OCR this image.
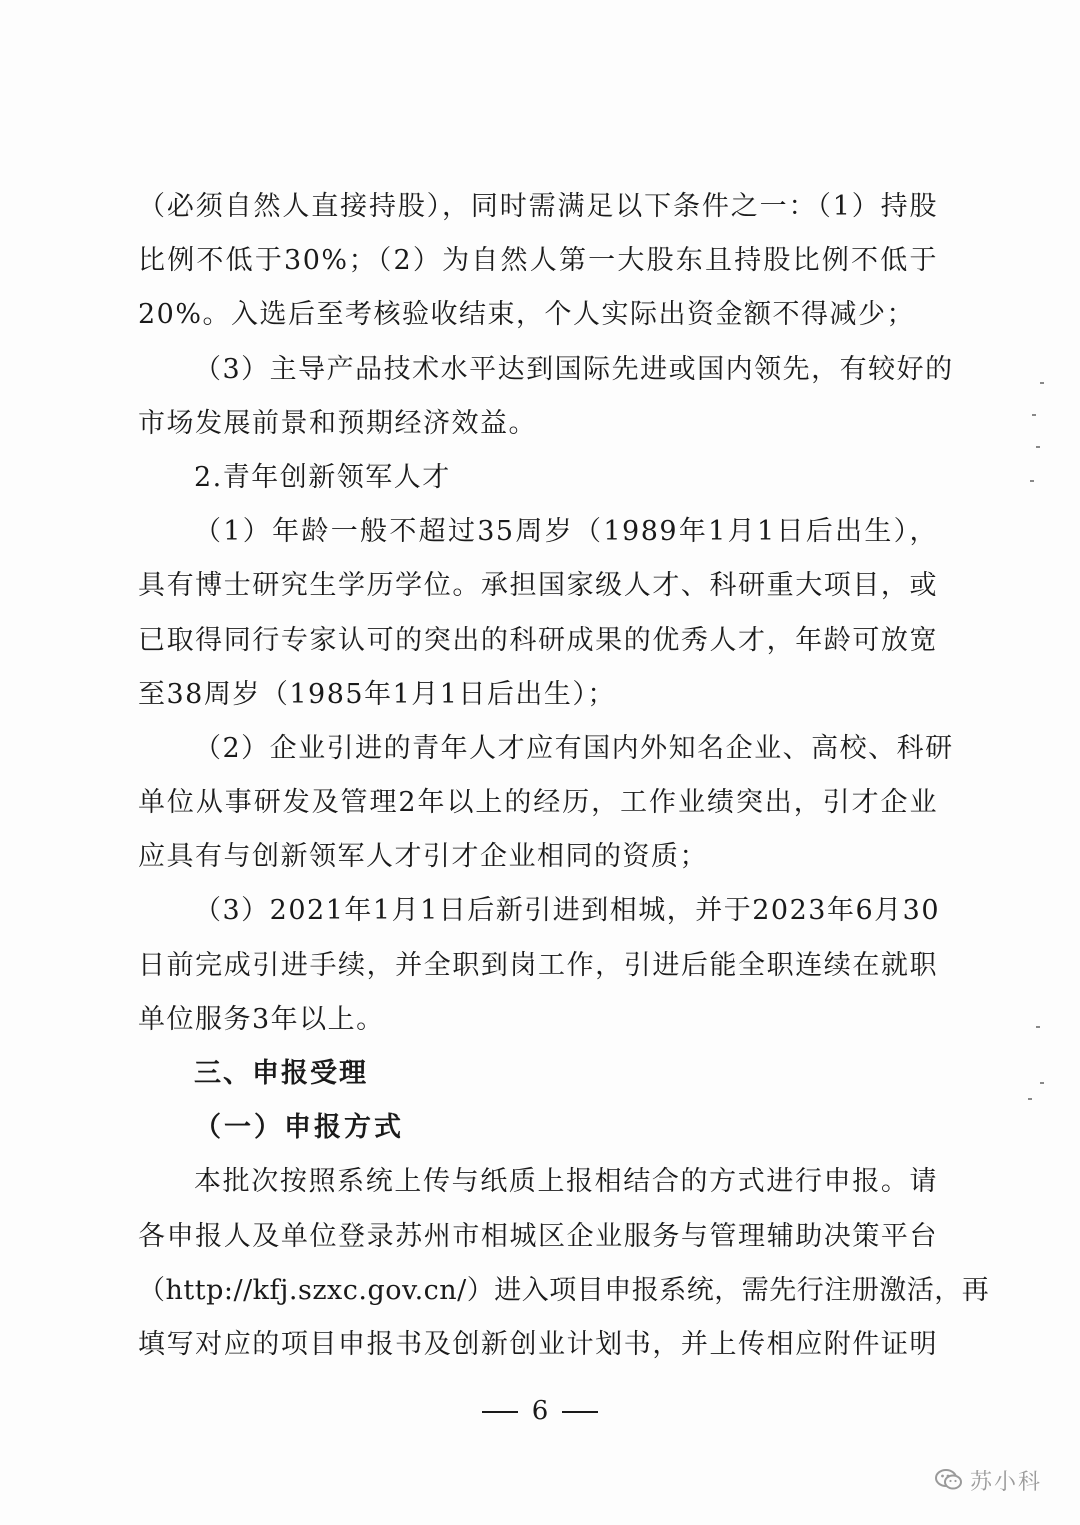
（必须自然人直接持股），同时需满足以下条件之一：（1）持股
比例不低于30%；（2）为自然人第一大股东且持股比例不低于
20%。入选后至考核验收结束，个人实际出资金额不得减少；
（3）主导产品技术水平达到国际先进或国内领先，有较好的
市场发展前景和预期经济效益。
2.青年创新领军人才
（1）年龄一般不超过35周岁（1989年1月1日后出生），
具有博士研究生学历学位。承担国家级人才、科研重大项目，或
已取得同行专家认可的突出的科研成果的优秀人才，年龄可放宽
至38周岁（1985年1月1日后出生）；
（2）企业引进的青年人才应有国内外知名企业、高校、科研
单位从事研发及管理2年以上的经历，工作业绩突出，引才企业
应具有与创新领军人才引才企业相同的资质；
（3）2021年1月1日后新引进到相城，并于2023年6月30
日前完成引进手续，并全职到岗工作，引进后能全职连续在就职
单位服务3年以上。
三、申报受理
（一）申报方式
本批次按照系统上传与纸质上报相结合的方式进行申报。请
各申报人及单位登录苏州市相城区企业服务与管理辅助决策平台
（http://kfj.szxc.gov.cn/）进入项目申报系统，需先行注册激活，再
填写对应的项目申报书及创新创业计划书，并上传相应附件证明
6
苏小科
